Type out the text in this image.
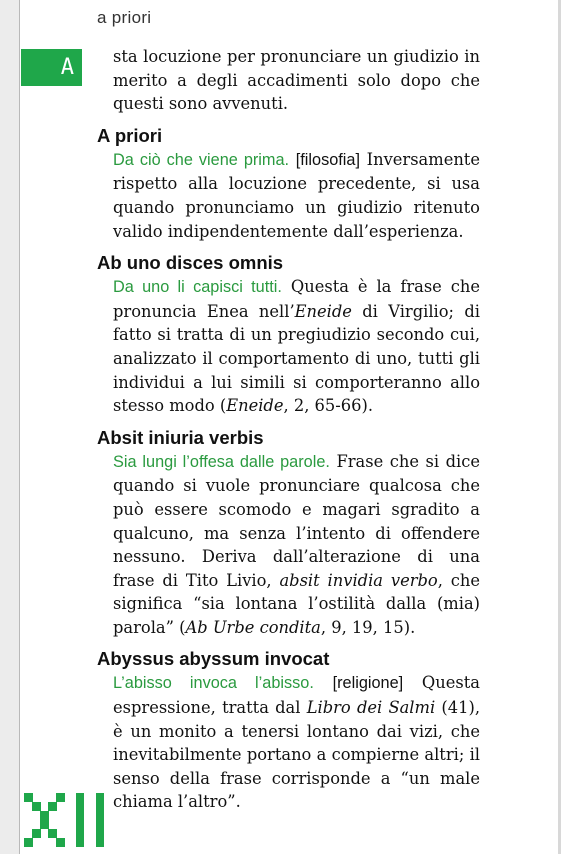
a priori
A	sta locuzione per pronunciare un giudizio in merito a degli accadimenti solo dopo che questi sono avvenuti.

A priori

Da ciò che viene prima. [filosofia] Inversamente rispetto alla locuzione precedente, si usa quando pronunciamo un giudizio ritenuto valido indipendentemente dall’esperienza.

Ab uno disces omnis

Da uno li capisci tutti. Questa è la frase che pronuncia Enea nell’Eneide di Virgilio; di fatto si tratta di un pregiudizio secondo cui, analizzato il comportamento di uno, tutti gli individui a lui simili si comporteranno allo stesso modo (Eneide, 2, 65-66).

Absit iniuria verbis

Sia lungi l’offesa dalle parole. Frase che si dice quando si vuole pronunciare qualcosa che può essere scomodo e magari sgradito a qualcuno, ma senza l’intento di offendere nessuno. Deriva dall’alterazione di una frase di Tito Livio, absit invidia verbo, che significa “sia lontana l’ostilità dalla (mia) parola” (Ab Urbe condita, 9, 19, 15).

Abyssus abyssum invocat

L’abisso invoca l’abisso. [religione] Questa espressione, tratta dal Libro dei Salmi (41), è un monito a tenersi lontano dai vizi, che inevitabilmente portano a compierne altri; il senso della frase corrisponde a “un male chiama l’altro”.
